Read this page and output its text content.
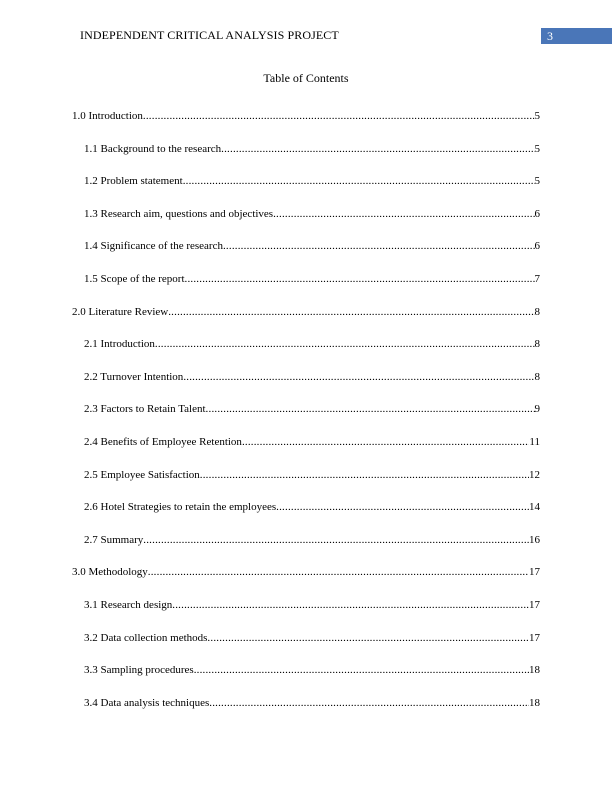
INDEPENDENT CRITICAL ANALYSIS PROJECT	3
Table of Contents
1.0 Introduction .....	5
1.1 Background to the research .....	5
1.2 Problem statement .....	5
1.3 Research aim, questions and objectives .....	6
1.4 Significance of the research .....	6
1.5 Scope of the report .....	7
2.0 Literature Review .....	8
2.1 Introduction .....	8
2.2 Turnover Intention .....	8
2.3 Factors to Retain Talent .....	9
2.4 Benefits of Employee Retention .....	11
2.5 Employee Satisfaction .....	12
2.6 Hotel Strategies to retain the employees .....	14
2.7 Summary .....	16
3.0 Methodology .....	17
3.1 Research design .....	17
3.2 Data collection methods .....	17
3.3 Sampling procedures .....	18
3.4 Data analysis techniques .....	18
